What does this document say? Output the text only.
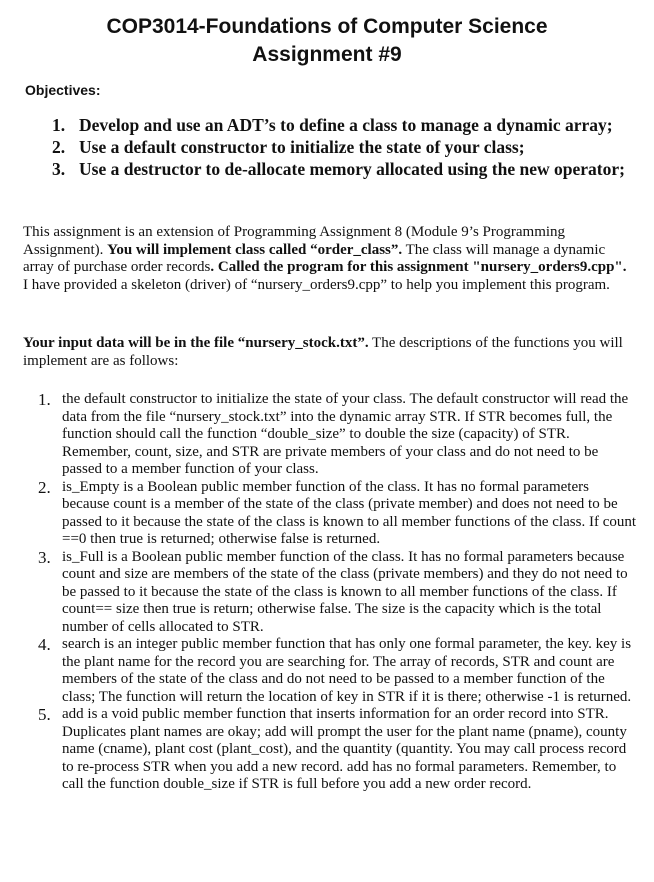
COP3014-Foundations of Computer Science
Assignment #9
Objectives:
1. Develop and use an ADT’s to define a class to manage a dynamic array;
2. Use a default constructor to initialize the state of your class;
3. Use a destructor to de-allocate memory allocated using the new operator;

This assignment is an extension of Programming Assignment 8 (Module 9’s Programming Assignment). You will implement class called “order_class”. The class will manage a dynamic array of purchase order records. Called the program for this assignment "nursery_orders9.cpp". I have provided a skeleton (driver) of “nursery_orders9.cpp” to help you implement this program.

Your input data will be in the file “nursery_stock.txt”. The descriptions of the functions you will implement are as follows:

1. the default constructor to initialize the state of your class. The default constructor will read the data from the file “nursery_stock.txt” into the dynamic array STR. If STR becomes full, the function should call the function “double_size” to double the size (capacity) of STR. Remember, count, size, and STR are private members of your class and do not need to be passed to a member function of your class.
2. is_Empty is a Boolean public member function of the class. It has no formal parameters because count is a member of the state of the class (private member) and does not need to be passed to it because the state of the class is known to all member functions of the class. If count ==0 then true is returned; otherwise false is returned.
3. is_Full is a Boolean public member function of the class. It has no formal parameters because count and size are members of the state of the class (private members) and they do not need to be passed to it because the state of the class is known to all member functions of the class. If count== size then true is return; otherwise false. The size is the capacity which is the total number of cells allocated to STR.
4. search is an integer public member function that has only one formal parameter, the key. key is the plant name for the record you are searching for. The array of records, STR and count are members of the state of the class and do not need to be passed to a member function of the class; The function will return the location of key in STR if it is there; otherwise -1 is returned.
5. add is a void public member function that inserts information for an order record into STR. Duplicates plant names are okay; add will prompt the user for the plant name (pname), county name (cname), plant cost (plant_cost), and the quantity (quantity. You may call process record to re-process STR when you add a new record. add has no formal parameters. Remember, to call the function double_size if STR is full before you add a new order record.
